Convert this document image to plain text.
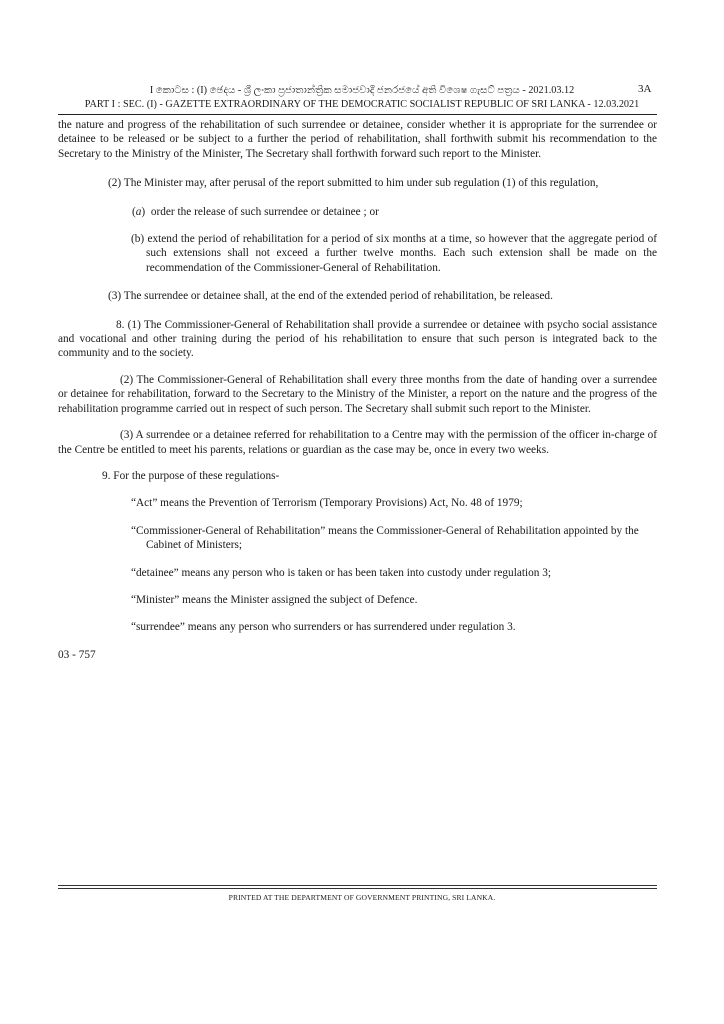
I කොටස : (I) ඡෙදය - ශ්‍රී ලංකා ප්‍රජාතාන්ත්‍රික සමාජවාදී ජනරජයේ අති විශෙෂ ගැසට් පත්‍රය - 2021.03.12	3A
PART I : SEC. (I) - GAZETTE EXTRAORDINARY OF THE DEMOCRATIC SOCIALIST REPUBLIC OF SRI LANKA - 12.03.2021

the nature and progress of the rehabilitation of such surrendee or detainee, consider whether it is appropriate for the surrendee or detainee to be released or be subject to a further the period of rehabilitation, shall forthwith submit his recommendation to the Secretary to the Ministry of the Minister, The Secretary shall forthwith forward such report to the Minister.

(2) The Minister may, after perusal of the report submitted to him under sub regulation (1) of this regulation,

(a)  order the release of such surrendee or detainee ; or

(b) extend the period of rehabilitation for a period of six months at a time, so however that the aggregate period of such extensions shall not exceed a further twelve months. Each such extension shall be made on the recommendation of the Commissioner-General of Rehabilitation.

(3) The surrendee or detainee shall, at the end of the extended period of rehabilitation, be released.

8. (1) The Commissioner-General of Rehabilitation shall provide a surrendee or detainee with psycho social assistance and vocational and other training during the period of his rehabilitation to ensure that such person is integrated back to the community and to the society.

(2) The Commissioner-General of Rehabilitation shall every three months from the date of handing over a surrendee or detainee for rehabilitation, forward to the Secretary to the Ministry of the Minister, a report on the nature and the progress of the rehabilitation programme carried out in respect of such person. The Secretary shall submit such report to the Minister.

(3) A surrendee or a detainee referred for rehabilitation to a Centre may with the permission of the officer in-charge of the Centre be entitled to meet his parents, relations or guardian as the case may be, once in every two weeks.

9. For the purpose of these regulations-

“Act” means the Prevention of Terrorism (Temporary Provisions) Act, No. 48 of 1979;

“Commissioner-General of Rehabilitation” means the Commissioner-General of Rehabilitation appointed by the Cabinet of Ministers;

“detainee” means any person who is taken or has been taken into custody under regulation 3;

“Minister” means the Minister assigned the subject of Defence.

“surrendee” means any person who surrenders or has surrendered under regulation 3.

03 - 757

PRINTED AT THE DEPARTMENT OF GOVERNMENT PRINTING, SRI LANKA.
